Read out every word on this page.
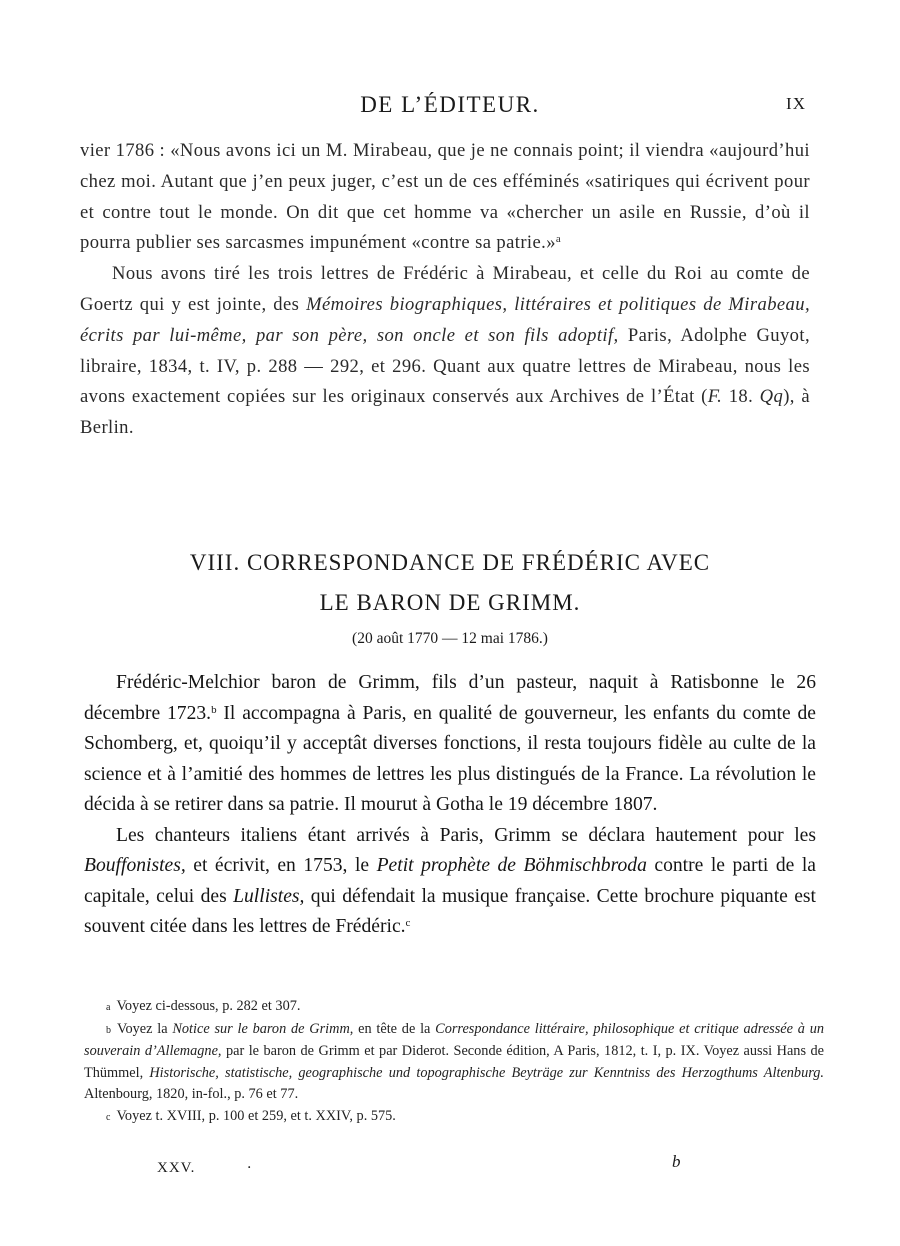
DE L’ÉDITEUR.	IX

vier 1786 : «Nous avons ici un M. Mirabeau, que je ne connais point; il viendra «aujourd’hui chez moi. Autant que j’en peux juger, c’est un de ces efféminés «satiriques qui écrivent pour et contre tout le monde. On dit que cet homme va «chercher un asile en Russie, d’où il pourra publier ses sarcasmes impunément «contre sa patrie.»$^a$

Nous avons tiré les trois lettres de Frédéric à Mirabeau, et celle du Roi au comte de Goertz qui y est jointe, des Mémoires biographiques, littéraires et politiques de Mirabeau, écrits par lui-même, par son père, son oncle et son fils adoptif, Paris, Adolphe Guyot, libraire, 1834, t. IV, p. 288 — 292, et 296. Quant aux quatre lettres de Mirabeau, nous les avons exactement copiées sur les originaux conservés aux Archives de l’État (F. 18. Qq), à Berlin.

VIII. CORRESPONDANCE DE FRÉDÉRIC AVEC
LE BARON DE GRIMM.
(20 août 1770 — 12 mai 1786.)

Frédéric-Melchior baron de Grimm, fils d’un pasteur, naquit à Ratisbonne le 26 décembre 1723.$^b$ Il accompagna à Paris, en qualité de gouverneur, les enfants du comte de Schomberg, et, quoiqu’il y acceptât diverses fonctions, il resta toujours fidèle au culte de la science et à l’amitié des hommes de lettres les plus distingués de la France. La révolution le décida à se retirer dans sa patrie. Il mourut à Gotha le 19 décembre 1807.

Les chanteurs italiens étant arrivés à Paris, Grimm se déclara hautement pour les Bouffonistes, et écrivit, en 1753, le Petit prophète de Böhmischbroda contre le parti de la capitale, celui des Lullistes, qui défendait la musique française. Cette brochure piquante est souvent citée dans les lettres de Frédéric.$^c$

a Voyez ci-dessous, p. 282 et 307.

b Voyez la Notice sur le baron de Grimm, en tête de la Correspondance littéraire, philosophique et critique adressée à un souverain d’Allemagne, par le baron de Grimm et par Diderot. Seconde édition, A Paris, 1812, t. I, p. IX. Voyez aussi Hans de Thümmel, Historische, statistische, geographische und topographische Beyträge zur Kenntniss des Herzogthums Altenburg. Altenbourg, 1820, in-fol., p. 76 et 77.

c Voyez t. XVIII, p. 100 et 259, et t. XXIV, p. 575.

XXV.	·	b
